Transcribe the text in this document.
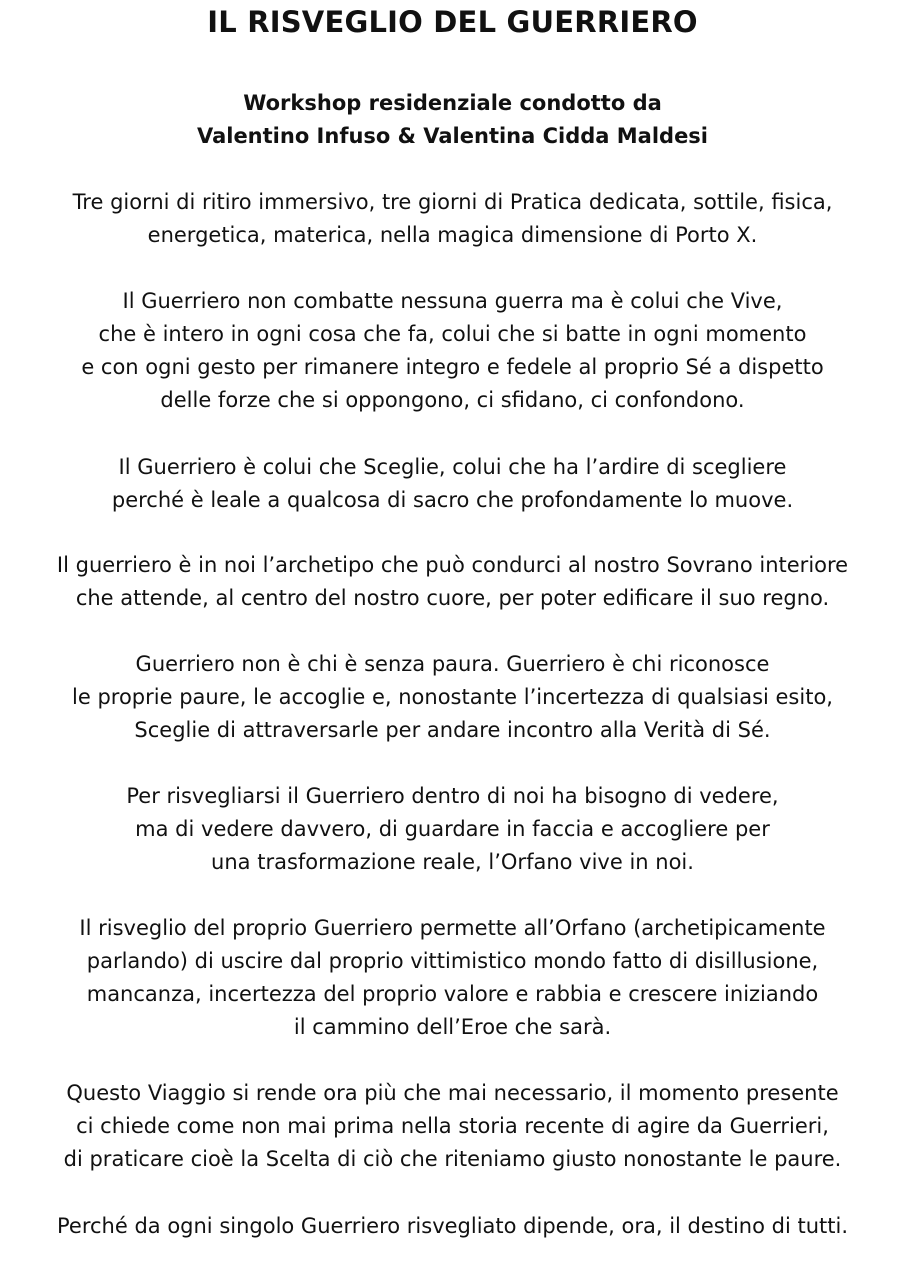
IL RISVEGLIO DEL GUERRIERO
Workshop residenziale condotto da
Valentino Infuso & Valentina Cidda Maldesi

Tre giorni di ritiro immersivo, tre giorni di Pratica dedicata, sottile, fisica,
energetica, materica, nella magica dimensione di Porto X.

Il Guerriero non combatte nessuna guerra ma è colui che Vive,
che è intero in ogni cosa che fa, colui che si batte in ogni momento
e con ogni gesto per rimanere integro e fedele al proprio Sé a dispetto
delle forze che si oppongono, ci sfidano, ci confondono.

Il Guerriero è colui che Sceglie, colui che ha l’ardire di scegliere
perché è leale a qualcosa di sacro che profondamente lo muove.

Il guerriero è in noi l’archetipo che può condurci al nostro Sovrano interiore
che attende, al centro del nostro cuore, per poter edificare il suo regno.

Guerriero non è chi è senza paura. Guerriero è chi riconosce
le proprie paure, le accoglie e, nonostante l’incertezza di qualsiasi esito,
Sceglie di attraversarle per andare incontro alla Verità di Sé.

Per risvegliarsi il Guerriero dentro di noi ha bisogno di vedere,
ma di vedere davvero, di guardare in faccia e accogliere per
una trasformazione reale, l’Orfano vive in noi.

Il risveglio del proprio Guerriero permette all’Orfano (archetipicamente
parlando) di uscire dal proprio vittimistico mondo fatto di disillusione,
mancanza, incertezza del proprio valore e rabbia e crescere iniziando
il cammino dell’Eroe che sarà.

Questo Viaggio si rende ora più che mai necessario, il momento presente
ci chiede come non mai prima nella storia recente di agire da Guerrieri,
di praticare cioè la Scelta di ciò che riteniamo giusto nonostante le paure.

Perché da ogni singolo Guerriero risvegliato dipende, ora, il destino di tutti.
